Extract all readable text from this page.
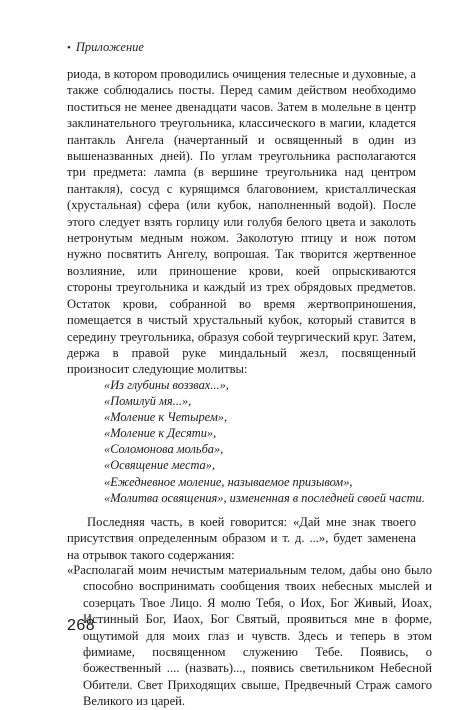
• Приложение

риода, в котором проводились очищения телесные и духовные, а также соблюдались посты. Перед самим действом необходимо поститься не менее двенадцати часов. Затем в молельне в центр заклинательного треугольника, классического в магии, кладется пантакль Ангела (начертанный и освященный в один из вышеназванных дней). По углам треугольника располагаются три предмета: лампа (в вершине треугольника над центром пантакля), сосуд с курящимся благовонием, кристаллическая (хрустальная) сфера (или кубок, наполненный водой). После этого следует взять горлицу или голубя белого цвета и заколоть нетронутым медным ножом. Заколотую птицу и нож потом нужно посвятить Ангелу, вопрошая. Так творится жертвенное возлияние, или приношение крови, коей опрыскиваются стороны треугольника и каждый из трех обрядовых предметов. Остаток крови, собранной во время жертвоприношения, помещается в чистый хрустальный кубок, который ставится в середину треугольника, образуя собой теургический круг. Затем, держа в правой руке миндальный жезл, посвященный произносит следующие молитвы:

«Из глубины воззвах...»,
«Помилуй мя...»,
«Моление к Четырем»,
«Моление к Десяти»,
«Соломонова мольба»,
«Освящение места»,
«Ежедневное моление, называемое призывом»,
«Молитва освящения», измененная в последней своей части.

Последняя часть, в коей говорится: «Дай мне знак твоего присутствия определенным образом и т. д. ...», будет заменена на отрывок такого содержания:

«Располагай моим нечистым материальным телом, дабы оно было способно воспринимать сообщения твоих небесных мыслей и созерцать Твое Лицо. Я молю Тебя, о Иох, Бог Живый, Иоах, Истинный Бог, Иаох, Бог Святый, проявиться мне в форме, ощутимой для моих глаз и чувств. Здесь и теперь в этом фимиаме, посвященном служению Тебе. Появись, о божественный .... (назвать)..., появись светильником Небесной Обители. Свет Приходящих свыше, Предвечный Страж самого Великого из царей.

268
